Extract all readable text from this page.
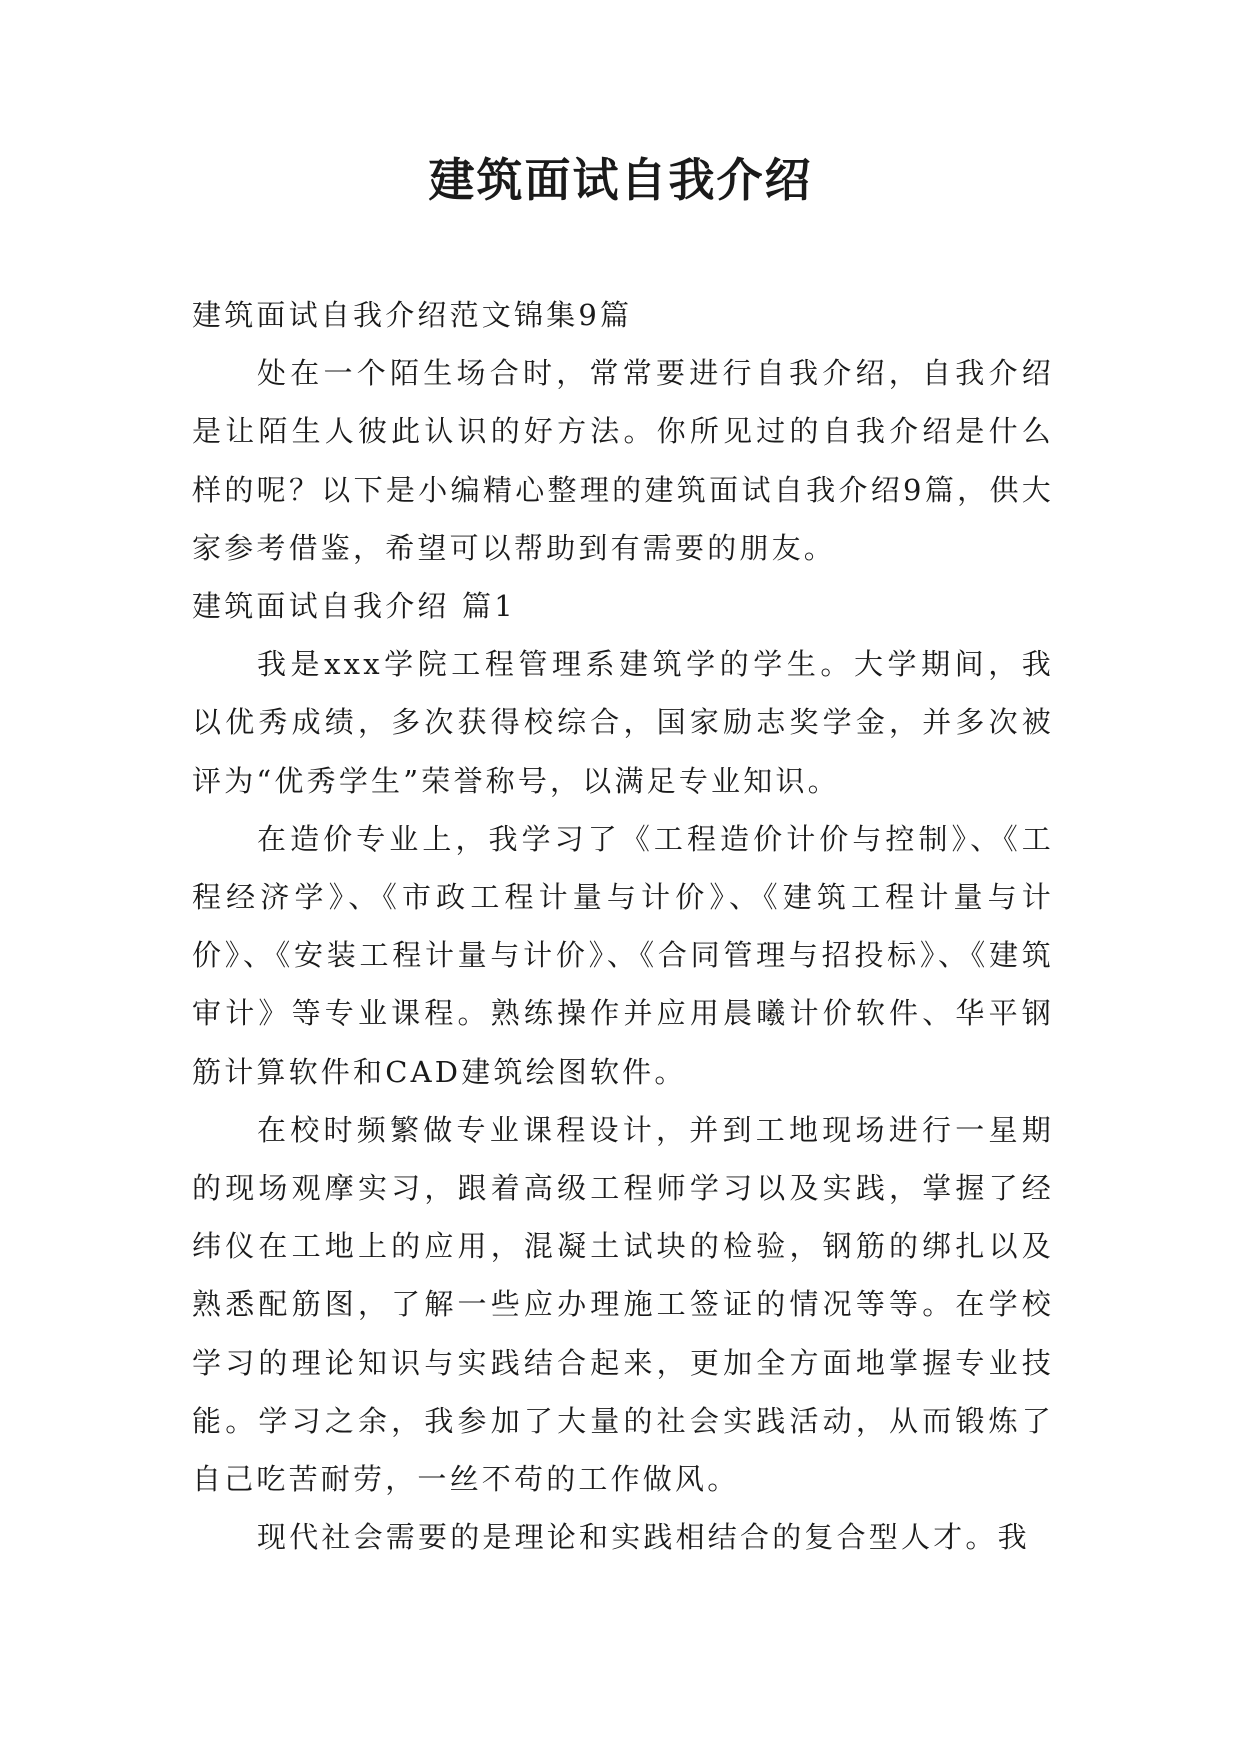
建筑面试自我介绍

建筑面试自我介绍范文锦集9篇

处在一个陌生场合时，常常要进行自我介绍，自我介绍是让陌生人彼此认识的好方法。你所见过的自我介绍是什么样的呢？以下是小编精心整理的建筑面试自我介绍9篇，供大家参考借鉴，希望可以帮助到有需要的朋友。

建筑面试自我介绍 篇1

我是xxx学院工程管理系建筑学的学生。大学期间，我以优秀成绩，多次获得校综合，国家励志奖学金，并多次被评为“优秀学生”荣誉称号，以满足专业知识。

在造价专业上，我学习了《工程造价计价与控制》、《工程经济学》、《市政工程计量与计价》、《建筑工程计量与计价》、《安装工程计量与计价》、《合同管理与招投标》、《建筑审计》等专业课程。熟练操作并应用晨曦计价软件、华平钢筋计算软件和CAD建筑绘图软件。

在校时频繁做专业课程设计，并到工地现场进行一星期的现场观摩实习，跟着高级工程师学习以及实践，掌握了经纬仪在工地上的应用，混凝土试块的检验，钢筋的绑扎以及熟悉配筋图，了解一些应办理施工签证的情况等等。在学校学习的理论知识与实践结合起来，更加全方面地掌握专业技能。学习之余，我参加了大量的社会实践活动，从而锻炼了自己吃苦耐劳，一丝不苟的工作做风。

现代社会需要的是理论和实践相结合的复合型人才。我
